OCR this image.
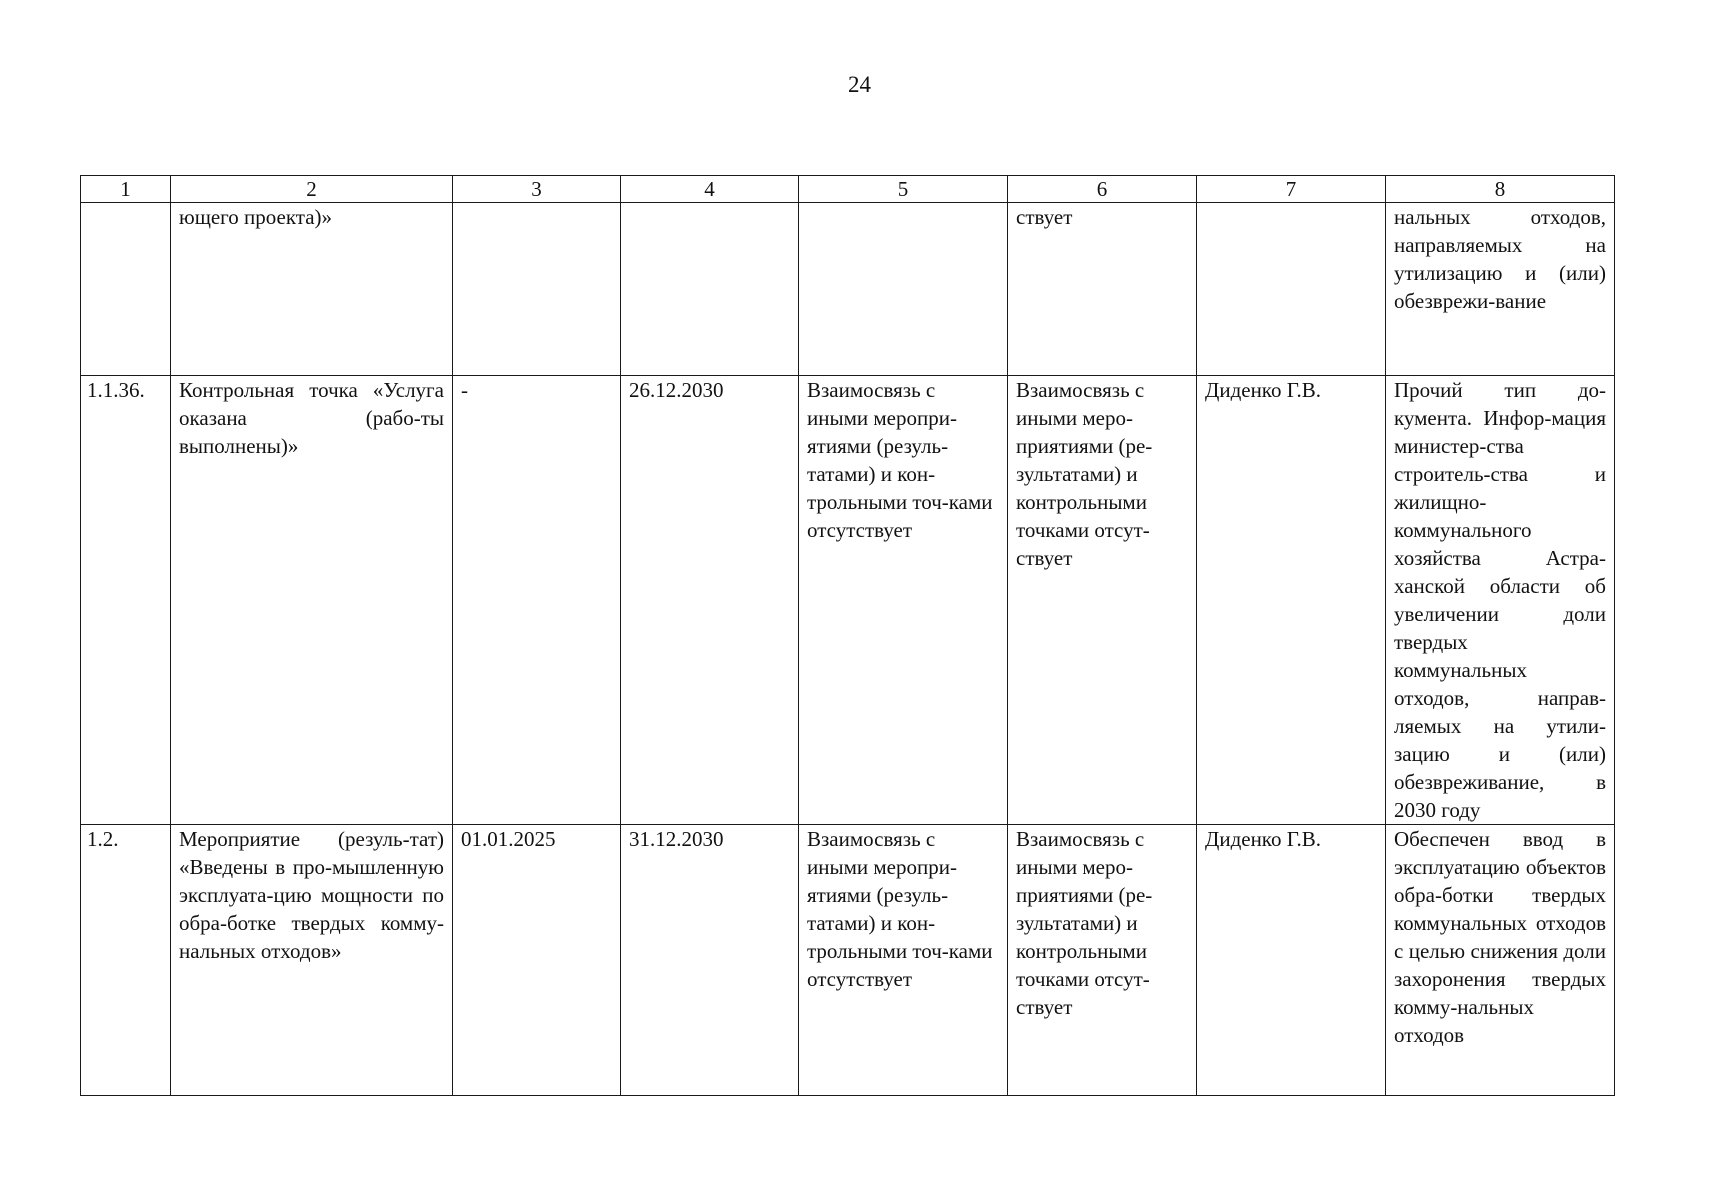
24
1	2	3	4	5	6	7	8
	ющего проекта)»				ствует		нальных отходов, направляемых на утилизацию и (или) обезврежи-вание
1.1.36.	Контрольная точка «Услуга оказана (рабо-ты выполнены)»	-	26.12.2030	Взаимосвязь с иными меропри-ятиями (резуль-татами) и кон-трольными точ-ками отсутствует	Взаимосвязь с иными меро-приятиями (ре-зультатами) и контрольными точками отсут-ствует	Диденко Г.В.	Прочий тип до-кумента. Инфор-мация министер-ства строитель-ства и жилищно-коммунального хозяйства Астра-ханской области об увеличении доли твердых коммунальных отходов, направ-ляемых на утили-зацию и (или) обезвреживание, в 2030 году
1.2.	Мероприятие (резуль-тат) «Введены в про-мышленную эксплуата-цию мощности по обра-ботке твердых комму-нальных отходов»	01.01.2025	31.12.2030	Взаимосвязь с иными меропри-ятиями (резуль-татами) и кон-трольными точ-ками отсутствует	Взаимосвязь с иными меро-приятиями (ре-зультатами) и контрольными точками отсут-ствует	Диденко Г.В.	Обеспечен ввод в эксплуатацию объектов обра-ботки твердых коммунальных отходов с целью снижения доли захоронения твердых комму-нальных отходов
